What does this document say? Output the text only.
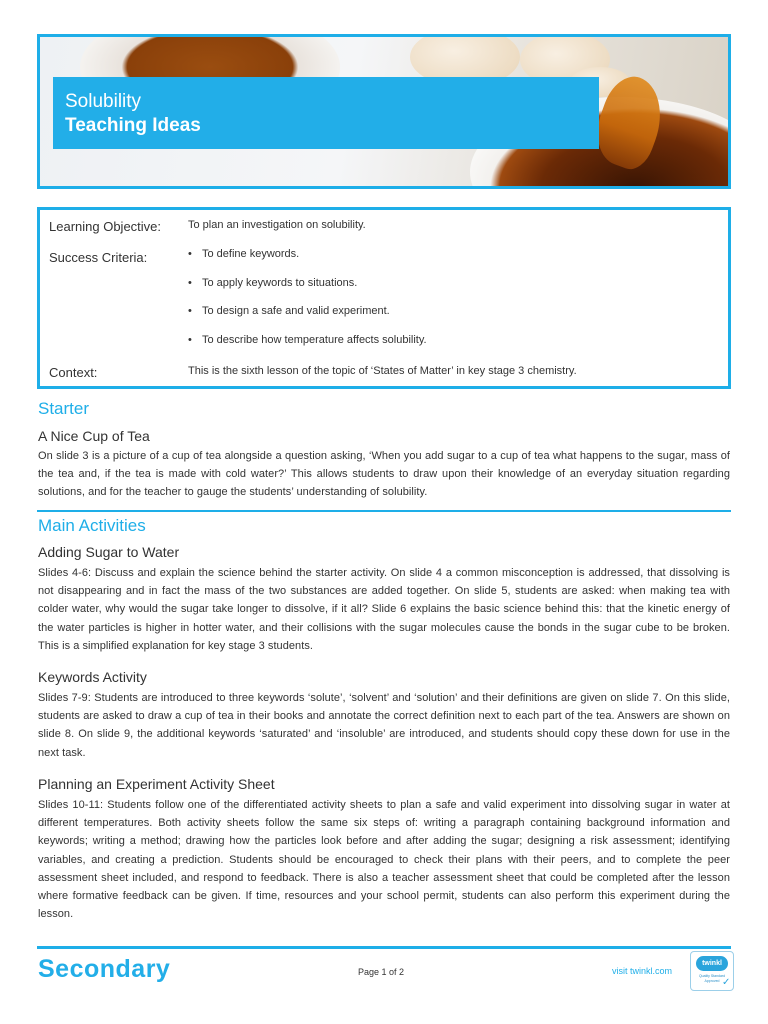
Solubility
Teaching Ideas
Learning Objective: To plan an investigation on solubility.
Success Criteria:	• To define keywords.
• To apply keywords to situations.
• To design a safe and valid experiment.
• To describe how temperature affects solubility.
Context:	This is the sixth lesson of the topic of ‘States of Matter’ in key stage 3 chemistry.
Starter
A Nice Cup of Tea
On slide 3 is a picture of a cup of tea alongside a question asking, ‘When you add sugar to a cup of tea what happens to the sugar, mass of the tea and, if the tea is made with cold water?’ This allows students to draw upon their knowledge of an everyday situation regarding solutions, and for the teacher to gauge the students’ understanding of solubility.
Main Activities
Adding Sugar to Water
Slides 4-6: Discuss and explain the science behind the starter activity. On slide 4 a common misconception is addressed, that dissolving is not disappearing and in fact the mass of the two substances are added together. On slide 5, students are asked: when making tea with colder water, why would the sugar take longer to dissolve, if it all? Slide 6 explains the basic science behind this: that the kinetic energy of the water particles is higher in hotter water, and their collisions with the sugar molecules cause the bonds in the sugar cube to be broken. This is a simplified explanation for key stage 3 students.
Keywords Activity
Slides 7-9: Students are introduced to three keywords ‘solute’, ‘solvent’ and ‘solution’ and their definitions are given on slide 7. On this slide, students are asked to draw a cup of tea in their books and annotate the correct definition next to each part of the tea. Answers are shown on slide 8. On slide 9, the additional keywords ‘saturated’ and ‘insoluble’ are introduced, and students should copy these down for use in the next task.
Planning an Experiment Activity Sheet
Slides 10-11: Students follow one of the differentiated activity sheets to plan a safe and valid experiment into dissolving sugar in water at different temperatures. Both activity sheets follow the same six steps of: writing a paragraph containing background information and keywords; writing a method; drawing how the particles look before and after adding the sugar; designing a risk assessment; identifying variables, and creating a prediction. Students should be encouraged to check their plans with their peers, and to complete the peer assessment sheet included, and respond to feedback. There is also a teacher assessment sheet that could be completed after the lesson where formative feedback can be given. If time, resources and your school permit, students can also perform this experiment during the lesson.
Secondary	Page 1 of 2	visit twinkl.com
twinkl
Quality Standard Approved ✓
